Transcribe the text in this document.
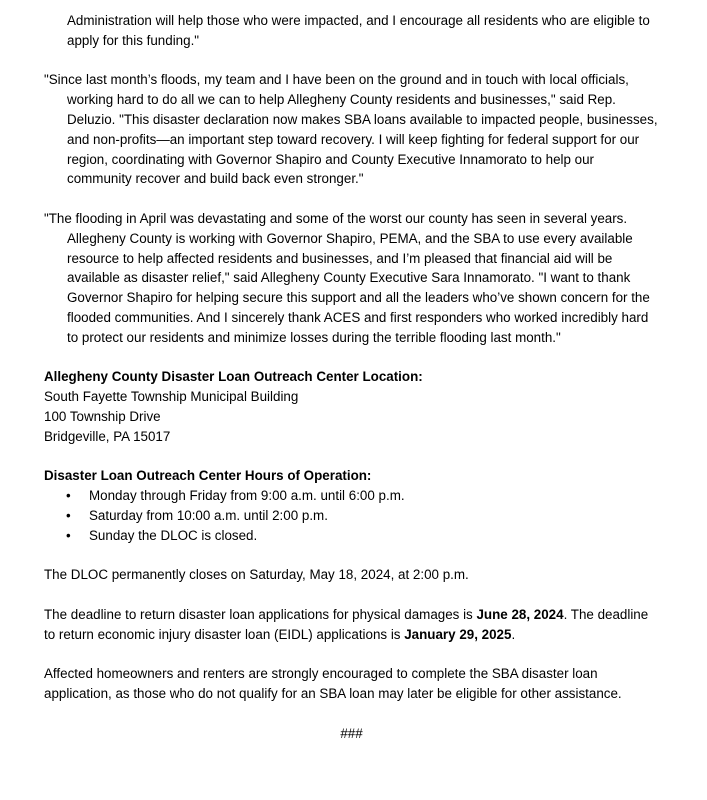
Administration will help those who were impacted, and I encourage all residents who are eligible to apply for this funding."

"Since last month’s floods, my team and I have been on the ground and in touch with local officials, working hard to do all we can to help Allegheny County residents and businesses," said Rep. Deluzio. "This disaster declaration now makes SBA loans available to impacted people, businesses, and non-profits—an important step toward recovery. I will keep fighting for federal support for our region, coordinating with Governor Shapiro and County Executive Innamorato to help our community recover and build back even stronger."

"The flooding in April was devastating and some of the worst our county has seen in several years. Allegheny County is working with Governor Shapiro, PEMA, and the SBA to use every available resource to help affected residents and businesses, and I’m pleased that financial aid will be available as disaster relief," said Allegheny County Executive Sara Innamorato. "I want to thank Governor Shapiro for helping secure this support and all the leaders who’ve shown concern for the flooded communities. And I sincerely thank ACES and first responders who worked incredibly hard to protect our residents and minimize losses during the terrible flooding last month."

Allegheny County Disaster Loan Outreach Center Location:

South Fayette Township Municipal Building
100 Township Drive
Bridgeville, PA 15017

Disaster Loan Outreach Center Hours of Operation:

• Monday through Friday from 9:00 a.m. until 6:00 p.m.
• Saturday from 10:00 a.m. until 2:00 p.m.
• Sunday the DLOC is closed.

The DLOC permanently closes on Saturday, May 18, 2024, at 2:00 p.m.

The deadline to return disaster loan applications for physical damages is June 28, 2024. The deadline to return economic injury disaster loan (EIDL) applications is January 29, 2025.

Affected homeowners and renters are strongly encouraged to complete the SBA disaster loan application, as those who do not qualify for an SBA loan may later be eligible for other assistance.

###
